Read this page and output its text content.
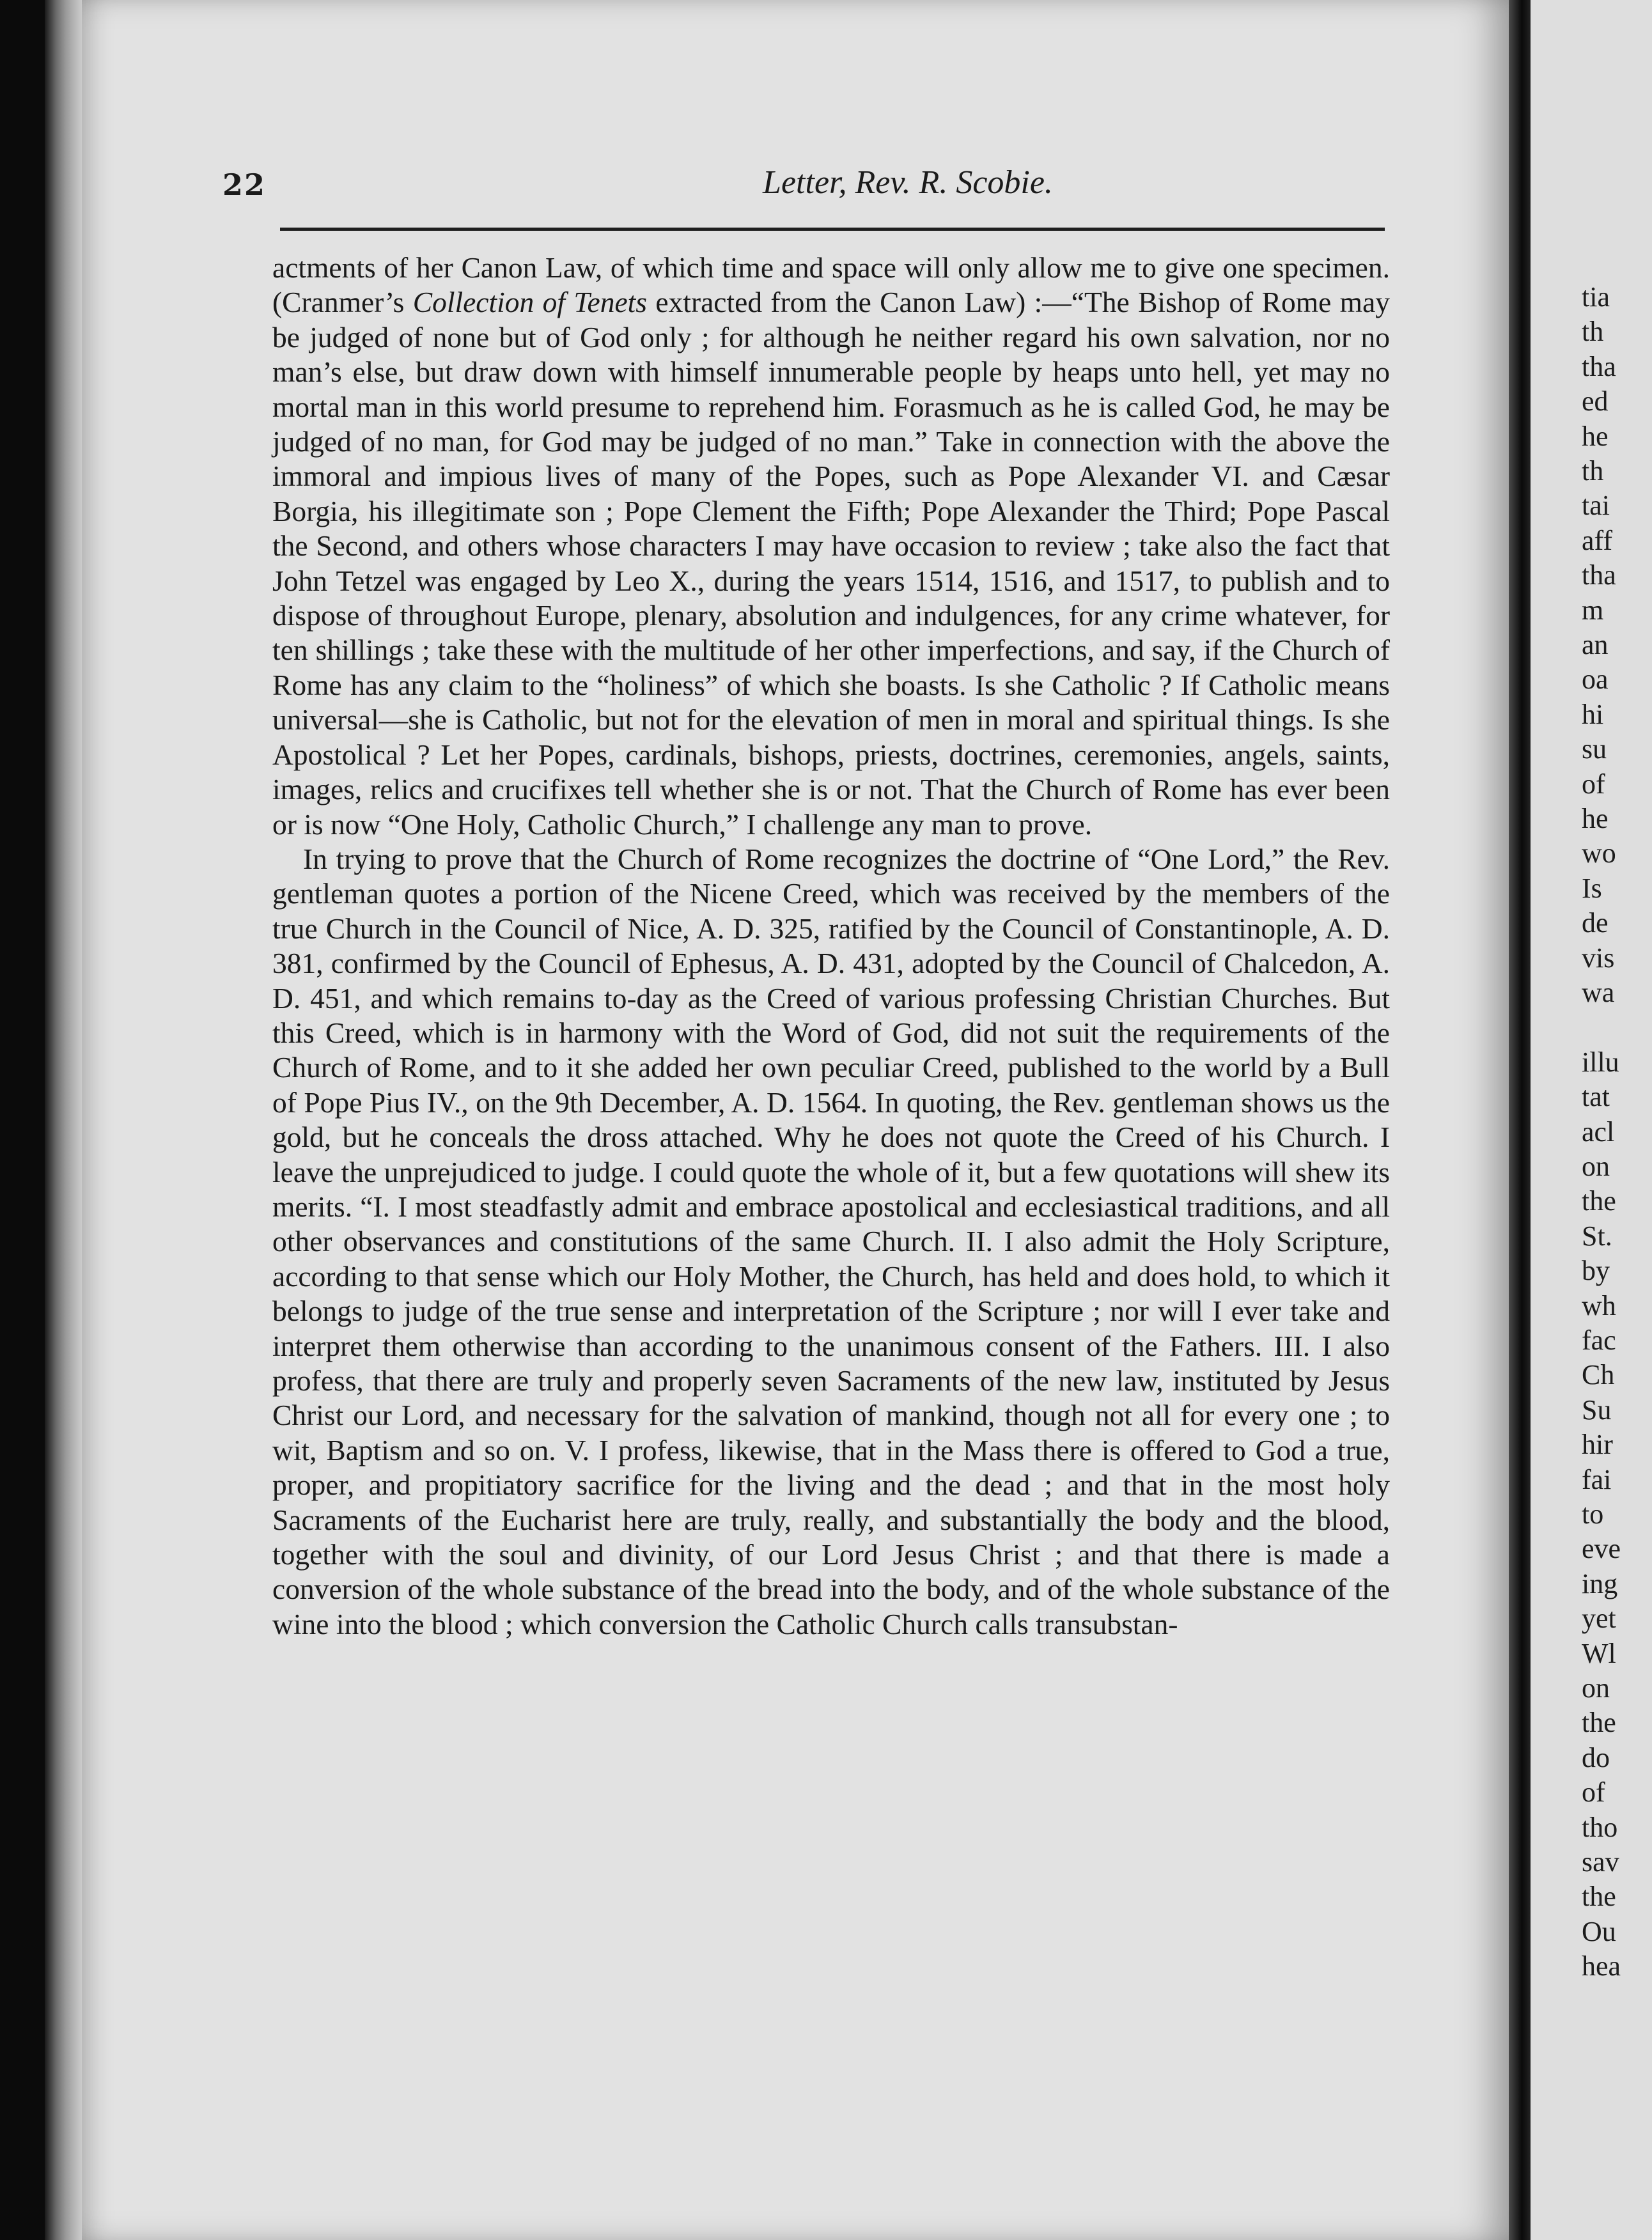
22	Letter, Rev. R. Scobie.

actments of her Canon Law, of which time and space will only allow me to give one specimen. (Cranmer’s Collection of Tenets extracted from the Canon Law) :—“The Bishop of Rome may be judged of none but of God only ; for although he neither regard his own salvation, nor no man’s else, but draw down with himself innumerable people by heaps unto hell, yet may no mortal man in this world presume to reprehend him. Forasmuch as he is called God, he may be judged of no man, for God may be judged of no man.” Take in connection with the above the immoral and impious lives of many of the Popes, such as Pope Alexander VI. and Cæsar Borgia, his illegitimate son ; Pope Clement the Fifth; Pope Alexander the Third; Pope Pascal the Second, and others whose characters I may have occasion to review ; take also the fact that John Tetzel was engaged by Leo X., during the years 1514, 1516, and 1517, to publish and to dispose of throughout Europe, plenary, absolution and indulgences, for any crime whatever, for ten shillings ; take these with the multitude of her other imperfections, and say, if the Church of Rome has any claim to the “holiness” of which she boasts. Is she Catholic ? If Catholic means universal—she is Catholic, but not for the elevation of men in moral and spiritual things. Is she Apostolical ? Let her Popes, cardinals, bishops, priests, doctrines, ceremonies, angels, saints, images, relics and crucifixes tell whether she is or not. That the Church of Rome has ever been or is now “One Holy, Catholic Church,” I challenge any man to prove.

In trying to prove that the Church of Rome recognizes the doctrine of “One Lord,” the Rev. gentleman quotes a portion of the Nicene Creed, which was received by the members of the true Church in the Council of Nice, A. D. 325, ratified by the Council of Constantinople, A. D. 381, confirmed by the Council of Ephesus, A. D. 431, adopted by the Council of Chalcedon, A. D. 451, and which remains to-day as the Creed of various professing Christian Churches. But this Creed, which is in harmony with the Word of God, did not suit the requirements of the Church of Rome, and to it she added her own peculiar Creed, published to the world by a Bull of Pope Pius IV., on the 9th December, A. D. 1564. In quoting, the Rev. gentleman shows us the gold, but he conceals the dross attached. Why he does not quote the Creed of his Church. I leave the unprejudiced to judge. I could quote the whole of it, but a few quotations will shew its merits. “I. I most steadfastly admit and embrace apostolical and ecclesiastical traditions, and all other observances and constitutions of the same Church. II. I also admit the Holy Scripture, according to that sense which our Holy Mother, the Church, has held and does hold, to which it belongs to judge of the true sense and interpretation of the Scripture ; nor will I ever take and interpret them otherwise than according to the unanimous consent of the Fathers. III. I also profess, that there are truly and properly seven Sacraments of the new law, instituted by Jesus Christ our Lord, and necessary for the salvation of mankind, though not all for every one ; to wit, Baptism and so on. V. I profess, likewise, that in the Mass there is offered to God a true, proper, and propitiatory sacrifice for the living and the dead ; and that in the most holy Sacraments of the Eucharist here are truly, really, and substantially the body and the blood, together with the soul and divinity, of our Lord Jesus Christ ; and that there is made a conversion of the whole substance of the bread into the body, and of the whole substance of the wine into the blood ; which conversion the Catholic Church calls transubstan-

tia
th
tha
ed
he
th
tai
aff
tha
m
an
oa
hi
su
of
he
wo
Is
de
vis
wa
illu
tat
acl
on
the
St.
by
wh
fac
Ch
Su
hir
fai
to
eve
ing
yet
Wl
on
the
do
of
tho
sav
the
Ou
hea
